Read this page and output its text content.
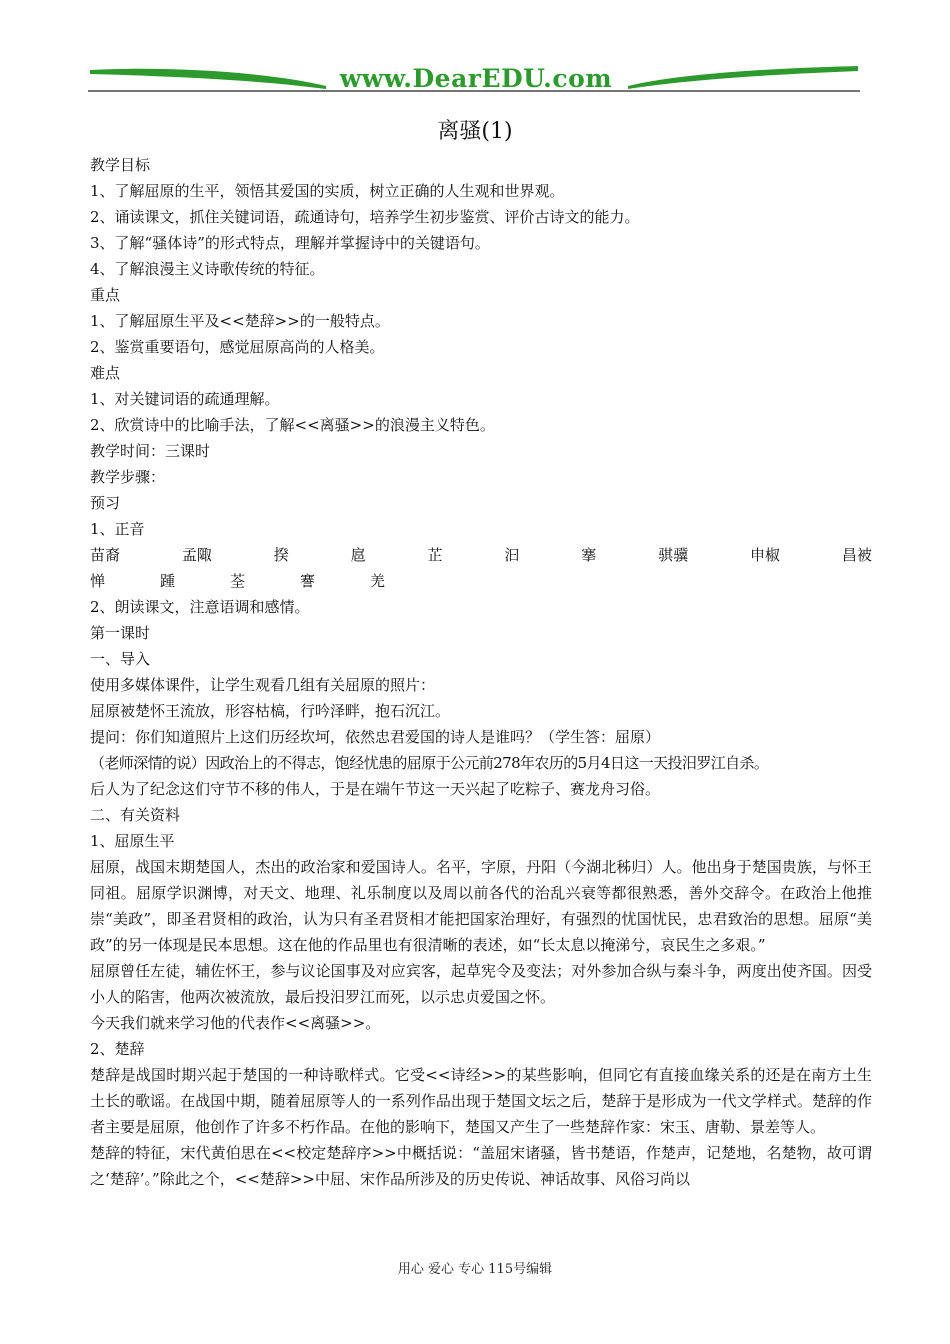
www.DearEDU.com
离骚(1)

教学目标

1、了解屈原的生平，领悟其爱国的实质，树立正确的人生观和世界观。

2、诵读课文，抓住关键词语，疏通诗句，培养学生初步鉴赏、评价古诗文的能力。

3、了解“骚体诗”的形式特点，理解并掌握诗中的关键语句。

4、了解浪漫主义诗歌传统的特征。

重点

1、了解屈原生平及<<楚辞>>的一般特点。

2、鉴赏重要语句，感觉屈原高尚的人格美。

难点

1、对关键词语的疏通理解。

2、欣赏诗中的比喻手法，了解<<离骚>>的浪漫主义特色。

教学时间：三课时

教学步骤：

预习

1、正音

苗裔	孟陬	揆	扈	芷	汩	搴	骐骥	申椒	昌被
惮	踵	荃	謇	羌

2、朗读课文，注意语调和感情。

第一课时

一、导入

使用多媒体课件，让学生观看几组有关屈原的照片：

屈原被楚怀王流放，形容枯槁，行吟泽畔，抱石沉江。

提问：你们知道照片上这们历经坎坷，依然忠君爱国的诗人是谁吗？（学生答：屈原）

（老师深情的说）因政治上的不得志，饱经忧患的屈原于公元前278年农历的5月4日这一天投汨罗江自杀。

后人为了纪念这们守节不移的伟人，于是在端午节这一天兴起了吃粽子、赛龙舟习俗。

二、有关资料

1、屈原生平

屈原，战国末期楚国人，杰出的政治家和爱国诗人。名平，字原，丹阳（今湖北秭归）人。他出身于楚国贵族，与怀王同祖。屈原学识渊博，对天文、地理、礼乐制度以及周以前各代的治乱兴衰等都很熟悉，善外交辞令。在政治上他推崇“美政”，即圣君贤相的政治，认为只有圣君贤相才能把国家治理好，有强烈的忧国忧民，忠君致治的思想。屈原“美政”的另一体现是民本思想。这在他的作品里也有很清晰的表述，如“长太息以掩涕兮，哀民生之多艰。”

屈原曾任左徒，辅佐怀王，参与议论国事及对应宾客，起草宪令及变法；对外参加合纵与秦斗争，两度出使齐国。因受小人的陷害，他两次被流放，最后投汨罗江而死，以示忠贞爱国之怀。

今天我们就来学习他的代表作<<离骚>>。

2、楚辞

楚辞是战国时期兴起于楚国的一种诗歌样式。它受<<诗经>>的某些影响，但同它有直接血缘关系的还是在南方土生土长的歌谣。在战国中期，随着屈原等人的一系列作品出现于楚国文坛之后，楚辞于是形成为一代文学样式。楚辞的作者主要是屈原，他创作了许多不朽作品。在他的影响下，楚国又产生了一些楚辞作家：宋玉、唐勒、景差等人。

楚辞的特征，宋代黄伯思在<<校定楚辞序>>中概括说：“盖屈宋诸骚，皆书楚语，作楚声，记楚地，名楚物，故可谓之‘楚辞’。”除此之个，<<楚辞>>中屈、宋作品所涉及的历史传说、神话故事、风俗习尚以

用心 爱心 专心 115号编辑
